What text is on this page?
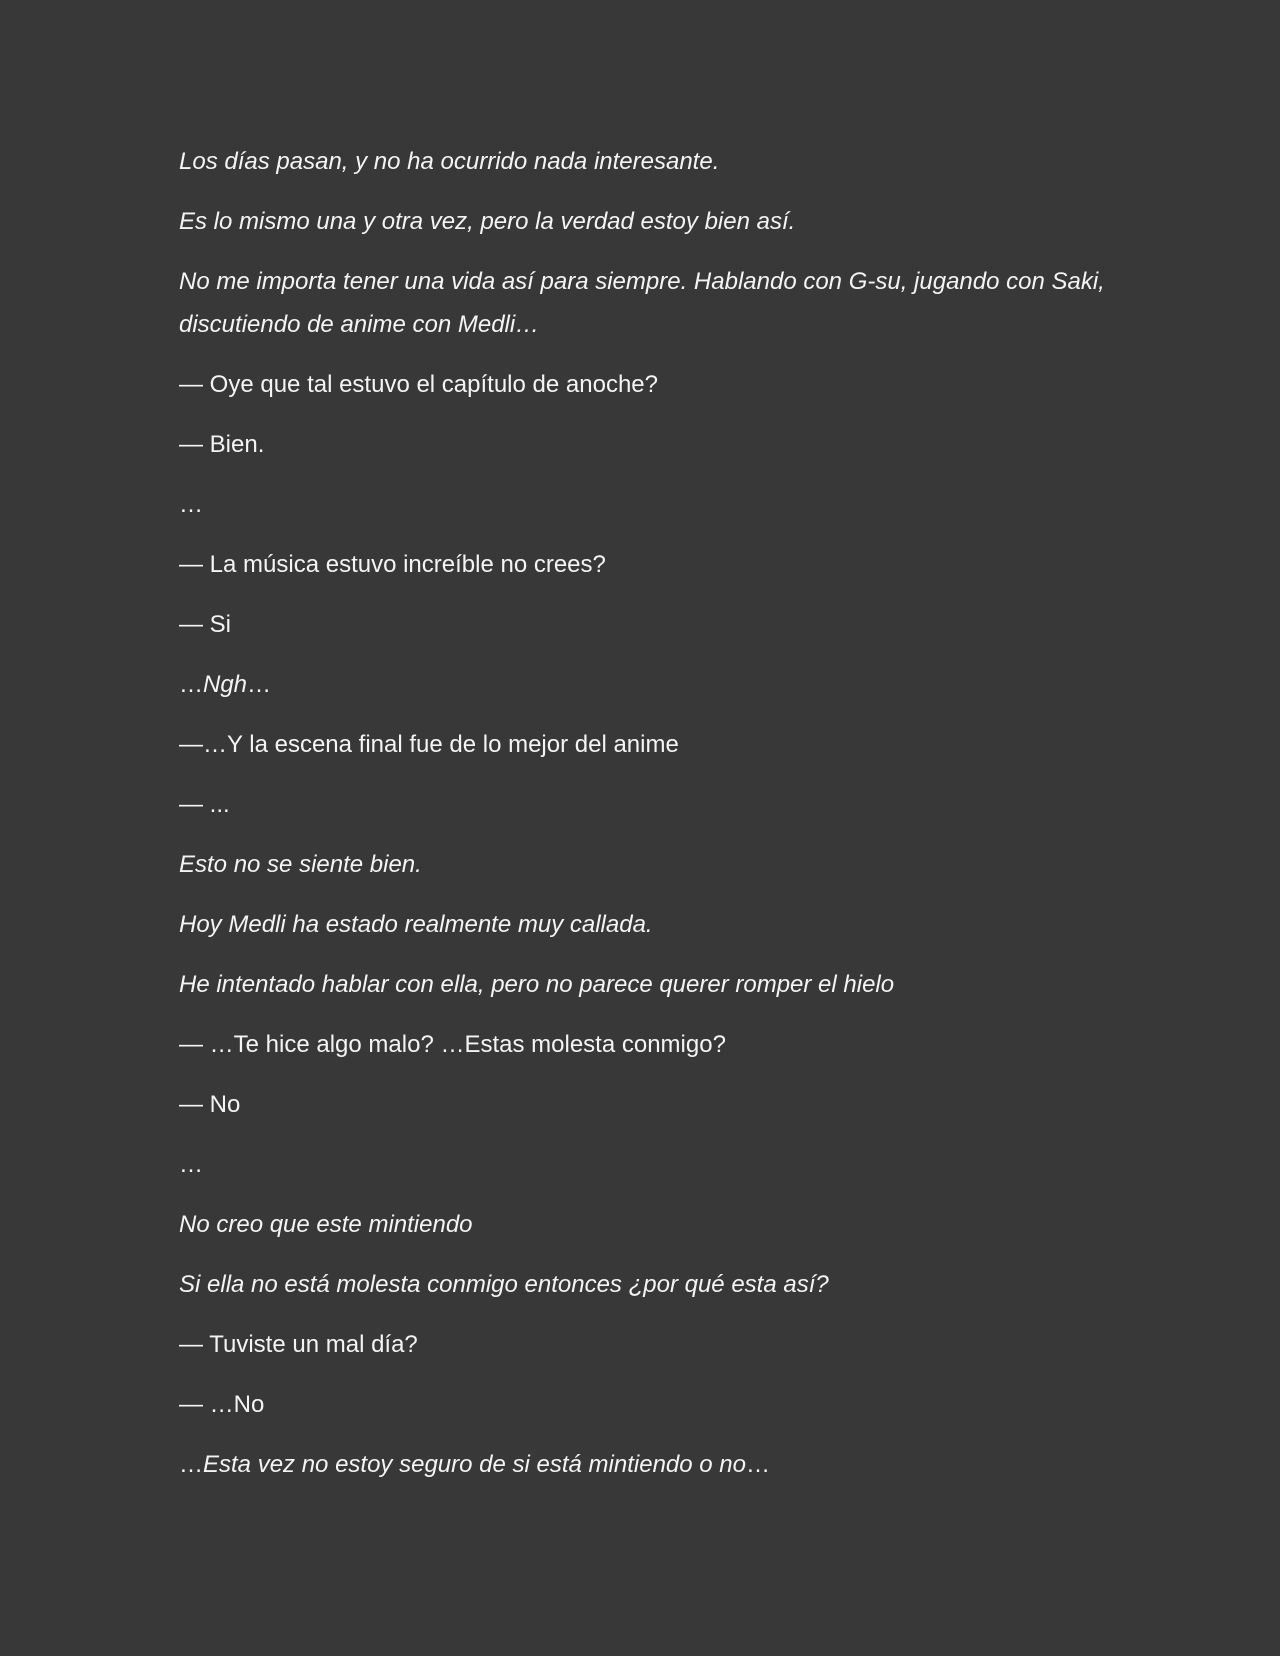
Los días pasan, y no ha ocurrido nada interesante.

Es lo mismo una y otra vez, pero la verdad estoy bien así.

No me importa tener una vida así para siempre. Hablando con G-su, jugando con Saki, discutiendo de anime con Medli…

— Oye que tal estuvo el capítulo de anoche?

— Bien.

…

— La música estuvo increíble no crees?

— Si

…Ngh…

—…Y la escena final fue de lo mejor del anime

— ...

Esto no se siente bien.

Hoy Medli ha estado realmente muy callada.

He intentado hablar con ella, pero no parece querer romper el hielo

— …Te hice algo malo? …Estas molesta conmigo?

— No

…

No creo que este mintiendo

Si ella no está molesta conmigo entonces ¿por qué esta así?

— Tuviste un mal día?

— …No

…Esta vez no estoy seguro de si está mintiendo o no…
